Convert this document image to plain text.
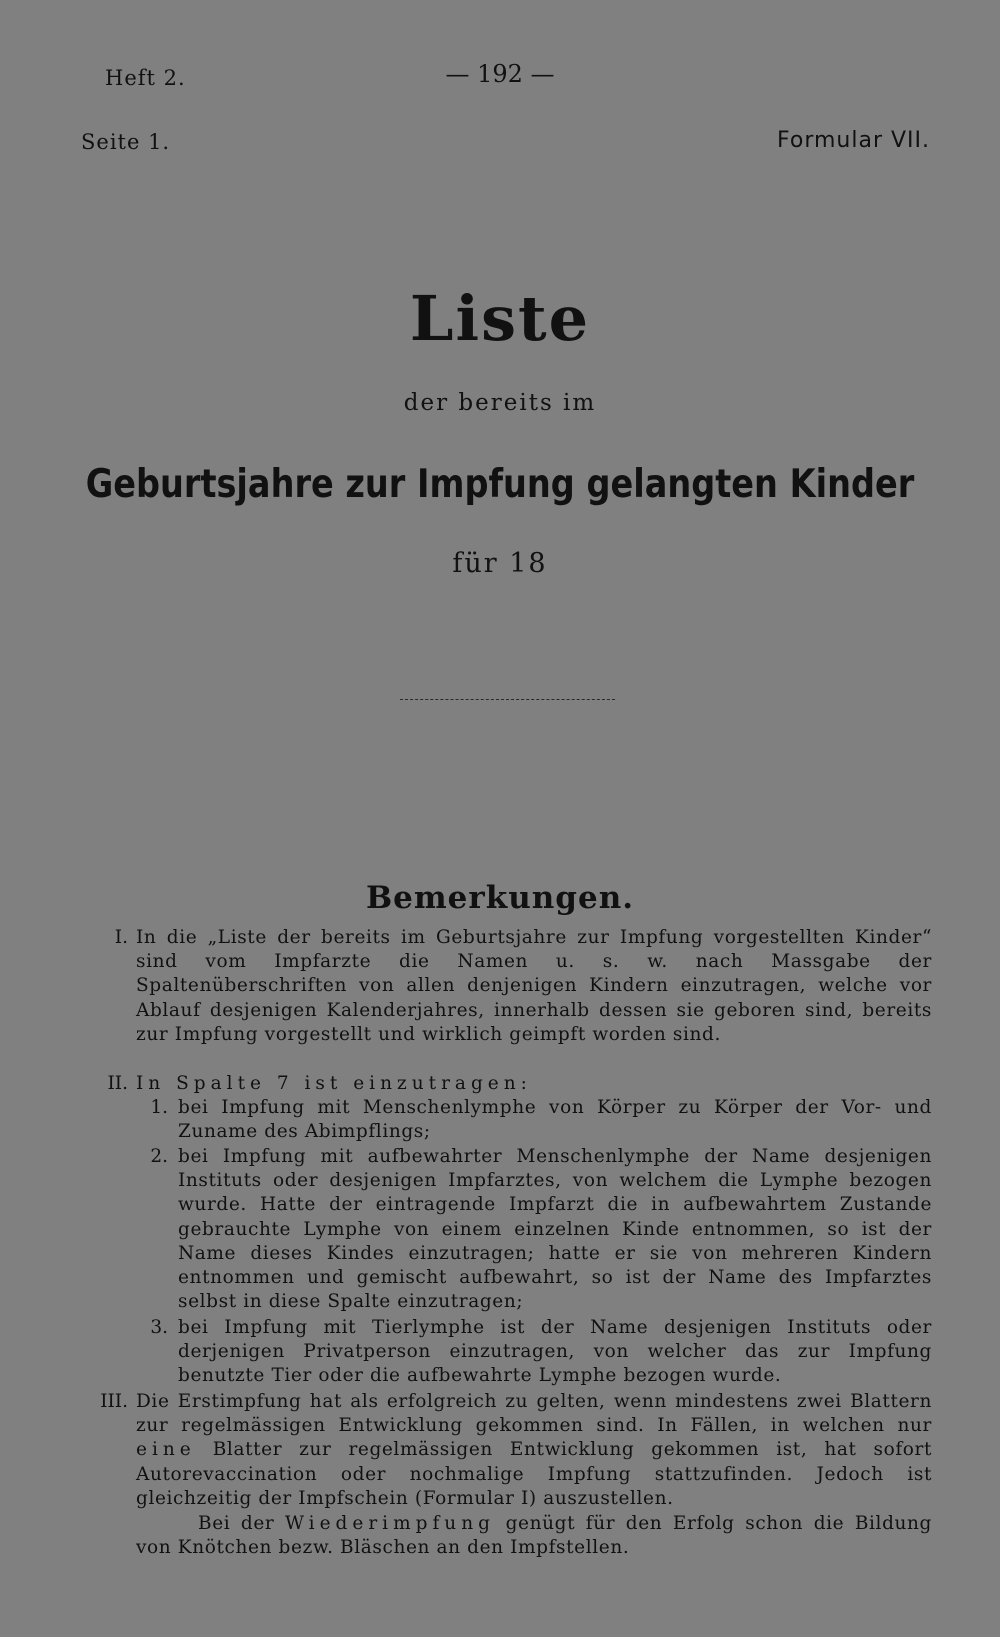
Heft 2.	— 192 —
Seite 1.	Formular VII.
Liste
der bereits im
Geburtsjahre zur Impfung gelangten Kinder
für 18
Bemerkungen.
I. In die „Liste der bereits im Geburtsjahre zur Impfung vorgestellten Kinder“ sind vom Impfarzte die Namen u. s. w. nach Massgabe der Spaltenüberschriften von allen denjenigen Kindern einzutragen, welche vor Ablauf desjenigen Kalenderjahres, innerhalb dessen sie geboren sind, bereits zur Impfung vorgestellt und wirklich geimpft worden sind.
II. In Spalte 7 ist einzutragen:
1. bei Impfung mit Menschenlymphe von Körper zu Körper der Vor- und Zuname des Abimpflings;
2. bei Impfung mit aufbewahrter Menschenlymphe der Name desjenigen Instituts oder desjenigen Impfarztes, von welchem die Lymphe bezogen wurde. Hatte der eintragende Impfarzt die in aufbewahrtem Zustande gebrauchte Lymphe von einem einzelnen Kinde entnommen, so ist der Name dieses Kindes einzutragen; hatte er sie von mehreren Kindern entnommen und gemischt aufbewahrt, so ist der Name des Impfarztes selbst in diese Spalte einzutragen;
3. bei Impfung mit Tierlymphe ist der Name desjenigen Instituts oder derjenigen Privatperson einzutragen, von welcher das zur Impfung benutzte Tier oder die aufbewahrte Lymphe bezogen wurde.
III. Die Erstimpfung hat als erfolgreich zu gelten, wenn mindestens zwei Blattern zur regelmässigen Entwicklung gekommen sind. In Fällen, in welchen nur eine Blatter zur regelmässigen Entwicklung gekommen ist, hat sofort Autorevaccination oder nochmalige Impfung stattzufinden. Jedoch ist gleichzeitig der Impfschein (Formular I) auszustellen.
Bei der Wiederimpfung genügt für den Erfolg schon die Bildung von Knötchen bezw. Bläschen an den Impfstellen.
